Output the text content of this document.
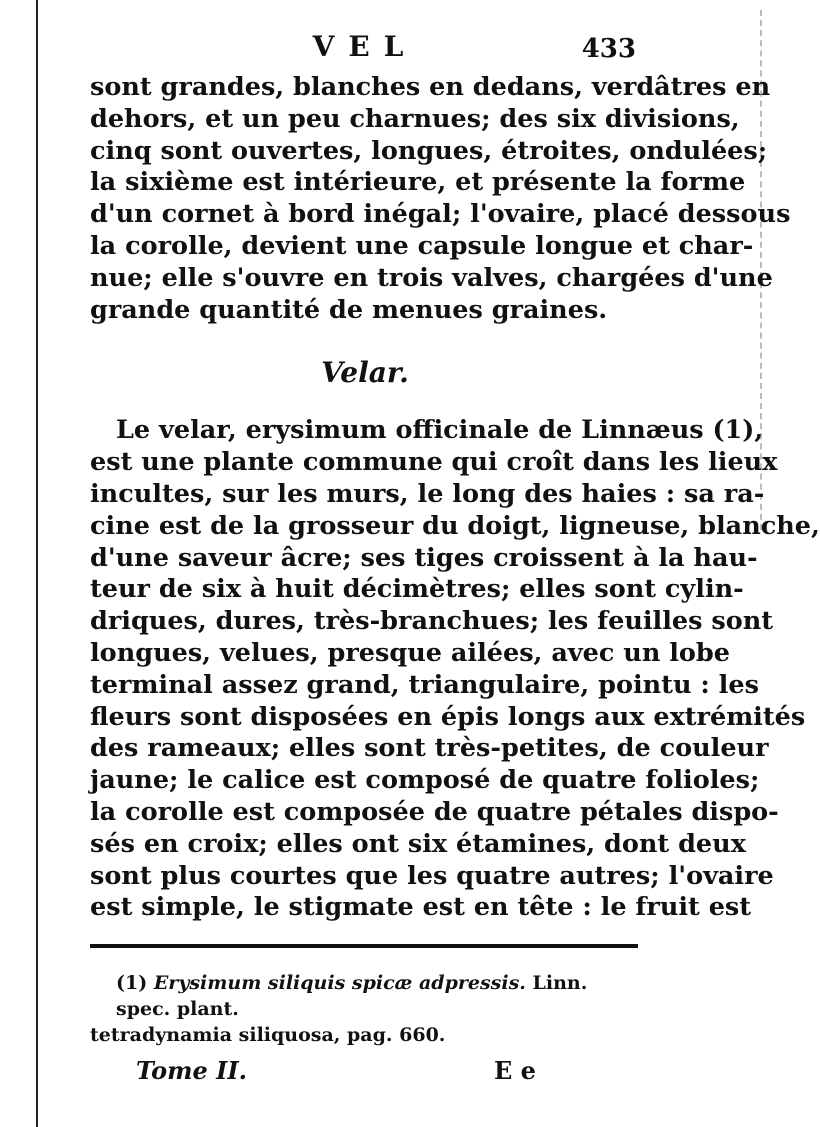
VEL	433
sont grandes, blanches en dedans, verdâtres en
dehors, et un peu charnues; des six divisions,
cinq sont ouvertes, longues, étroites, ondulées;
la sixième est intérieure, et présente la forme
d'un cornet à bord inégal; l'ovaire, placé dessous
la corolle, devient une capsule longue et char-
nue; elle s'ouvre en trois valves, chargées d'une
grande quantité de menues graines.
Velar.
Le velar, erysimum officinale de Linnæus (1),
est une plante commune qui croît dans les lieux
incultes, sur les murs, le long des haies : sa ra-
cine est de la grosseur du doigt, ligneuse, blanche,
d'une saveur âcre; ses tiges croissent à la hau-
teur de six à huit décimètres; elles sont cylin-
driques, dures, très-branchues; les feuilles sont
longues, velues, presque ailées, avec un lobe
terminal assez grand, triangulaire, pointu : les
fleurs sont disposées en épis longs aux extrémités
des rameaux; elles sont très-petites, de couleur
jaune; le calice est composé de quatre folioles;
la corolle est composée de quatre pétales dispo-
sés en croix; elles ont six étamines, dont deux
sont plus courtes que les quatre autres; l'ovaire
est simple, le stigmate est en tête : le fruit est
(1) Erysimum siliquis spicæ adpressis. Linn. spec. plant.
tetradynamia siliquosa, pag. 660.
Tome II.	E e
